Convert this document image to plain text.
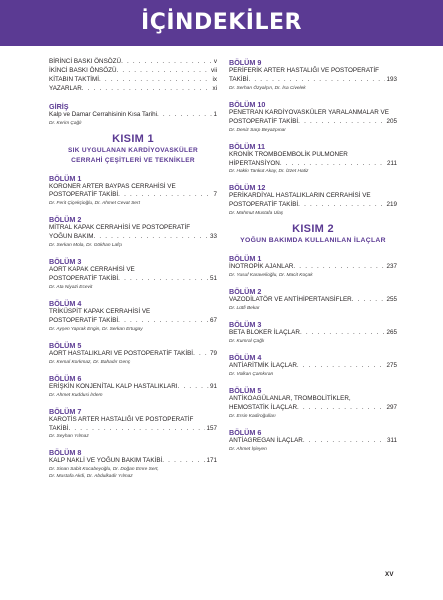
İÇİNDEKİLER
BİRİNCİ BASKI ÖNSÖZÜ . . .	v
İKİNCİ BASKI ÖNSÖZÜ . . .	vii
KİTABIN TAKTİMİ . . .	ix
YAZARLAR . . .	xi
GİRİŞ
Kalp ve Damar Cerrahisinin Kısa Tarihi . . .	1
Dr. Kerim Çağlı
KISIM 1
SIK UYGULANAN KARDİYOVASKÜLER
CERRAHİ ÇEŞİTLERİ VE TEKNİKLER
BÖLÜM 1
KORONER ARTER BAYPAS CERRAHİSİ VE
POSTOPERATİF TAKİBİ . . .	7
Dr. Ferit Çiçekçioğlu, Dr. Ahmet Cevat Sert
BÖLÜM 2
MİTRAL KAPAK CERRAHİSİ VE POSTOPERATİF
YOĞUN BAKIM . . .	33
Dr. Serkan Mola, Dr. Gökhan Lafçı
BÖLÜM 3
AORT KAPAK CERRAHİSİ VE
POSTOPERATİF TAKİBİ . . .	51
Dr. Ata Niyazi Ecevit
BÖLÜM 4
TRİKÜSPİT KAPAK CERRAHİSİ VE
POSTOPERATİF TAKİBİ . . .	67
Dr. Ayşen Yaprak Engin, Dr. Serkan Ertugay
BÖLÜM 5
AORT HASTALIKLARI VE POSTOPERATİF TAKİBİ . . .	79
Dr. Kemal Korkmaz, Dr. Bahadır Genç
BÖLÜM 6
ERİŞKİN KONJENİTAL KALP HASTALIKLARI . . .	91
Dr. Ahmet Kuddusi İrdem
BÖLÜM 7
KAROTİS ARTER HASTALIĞI VE POSTOPERATİF
TAKİBİ . . .	157
Dr. Seyhan Yılmaz
BÖLÜM 8
KALP NAKLİ VE YOĞUN BAKIM TAKİBİ . . .	171
Dr. Sinan Sabit Kocabeyoğlu, Dr. Doğan Emre Sert,
Dr. Mustafa Akdi, Dr. Abdulkadir Yılmaz
BÖLÜM 9
PERİFERİK ARTER HASTALIĞI VE POSTOPERATİF
TAKİBİ . . .	193
Dr. Serhan Özyalçın, Dr. İsa Civelek
BÖLÜM 10
PENETRAN KARDİYOVASKÜLER YARALANMALAR VE
POSTOPERATİF TAKİBİ . . .	205
Dr. Deniz Sarp Beyazpınar
BÖLÜM 11
KRONİK TROMBOEMBOLİK PULMONER
HİPERTANSİYON . . .	211
Dr. Hakkı Tankut Akay, Dr. İzzet Hatiz
BÖLÜM 12
PERİKARDİYAL HASTALIKLARIN CERRAHİSİ VE
POSTOPERATİF TAKİBİ . . .	219
Dr. Mahmut Mustafa Ulaş
KISIM 2
YOĞUN BAKIMDA KULLANILAN İLAÇLAR
BÖLÜM 1
İNOTROPİK AJANLAR . . .	237
Dr. Yusuf Karavelioğlu, Dr. Macit Koçak
BÖLÜM 2
VAZODİLATÖR VE ANTİHİPERTANSİFLER . . .	255
Dr. Lütfi Bekar
BÖLÜM 3
BETA BLOKER İLAÇLAR . . .	265
Dr. Kumral Çağlı
BÖLÜM 4
ANTİARİTMİK İLAÇLAR . . .	275
Dr. Volkan Çamkıran
BÖLÜM 5
ANTİKOAGÜLANLAR, TROMBOLİTİKLER,
HEMOSTATİK İLAÇLAR . . .	297
Dr. Ersin Kadiroğulları
BÖLÜM 6
ANTİAGREGAN İLAÇLAR . . .	311
Dr. Ahmet İşleyen
XV
